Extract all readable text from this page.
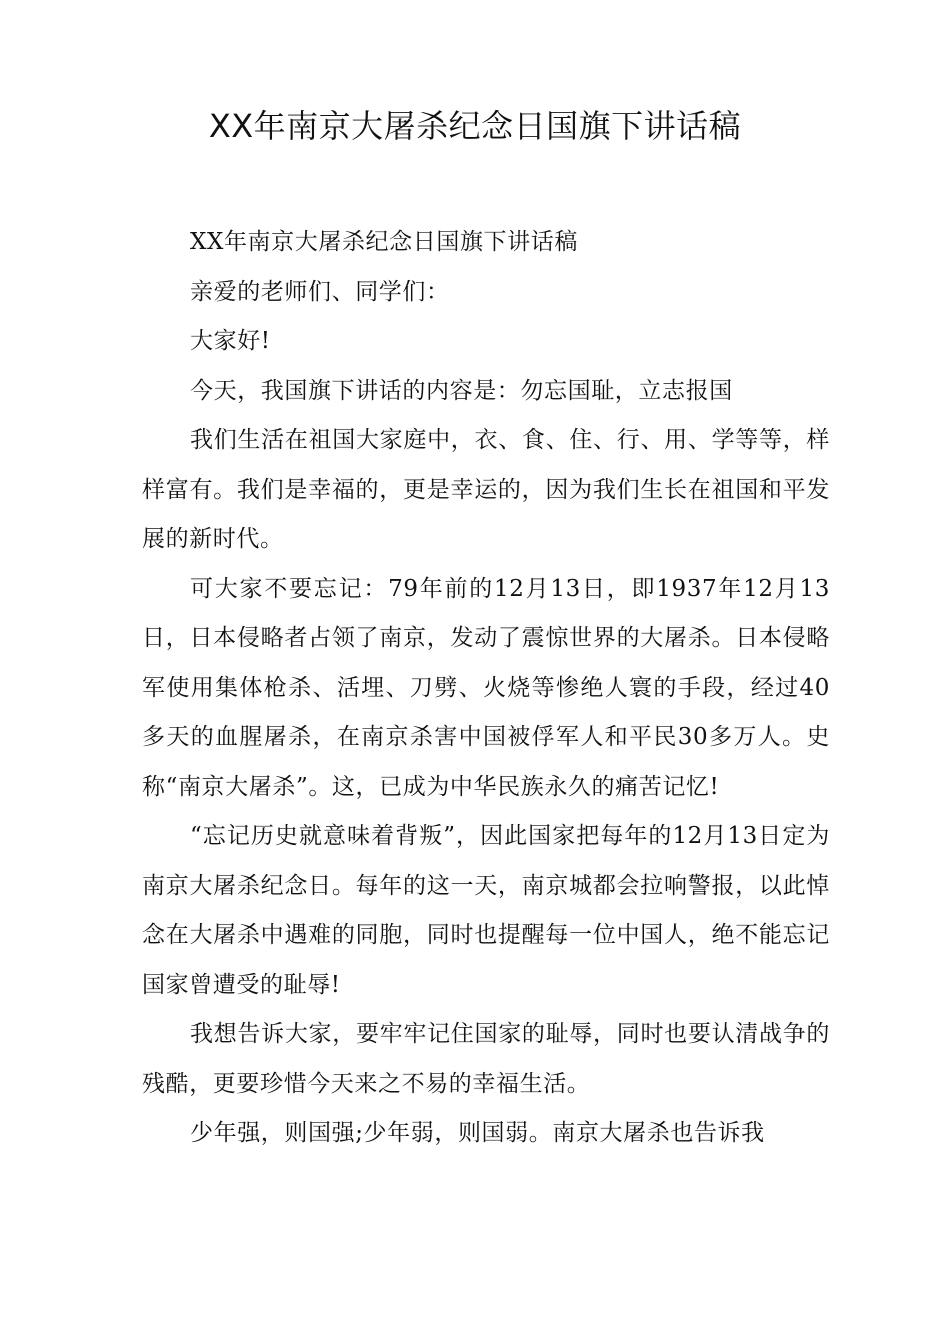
XX年南京大屠杀纪念日国旗下讲话稿

XX年南京大屠杀纪念日国旗下讲话稿

亲爱的老师们、同学们：

大家好!

今天，我国旗下讲话的内容是：勿忘国耻，立志报国

我们生活在祖国大家庭中，衣、食、住、行、用、学等等，样样富有。我们是幸福的，更是幸运的，因为我们生长在祖国和平发展的新时代。

可大家不要忘记：79年前的12月13日，即1937年12月13日，日本侵略者占领了南京，发动了震惊世界的大屠杀。日本侵略军使用集体枪杀、活埋、刀劈、火烧等惨绝人寰的手段，经过40多天的血腥屠杀，在南京杀害中国被俘军人和平民30多万人。史称“南京大屠杀”。这，已成为中华民族永久的痛苦记忆!

“忘记历史就意味着背叛”，因此国家把每年的12月13日定为南京大屠杀纪念日。每年的这一天，南京城都会拉响警报，以此悼念在大屠杀中遇难的同胞，同时也提醒每一位中国人，绝不能忘记国家曾遭受的耻辱!

我想告诉大家，要牢牢记住国家的耻辱，同时也要认清战争的残酷，更要珍惜今天来之不易的幸福生活。

少年强，则国强;少年弱，则国弱。南京大屠杀也告诉我
